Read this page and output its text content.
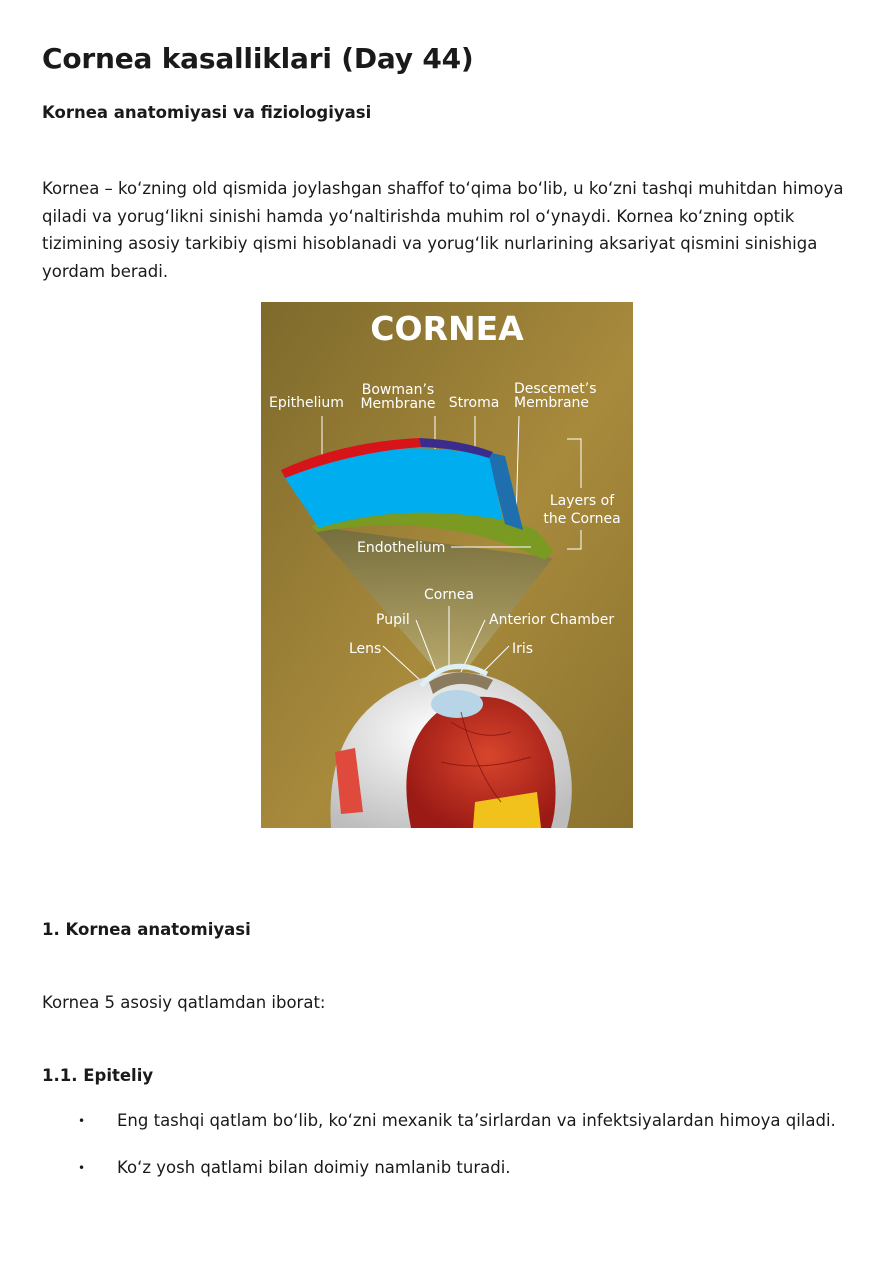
Cornea kasalliklari (Day 44)

Kornea anatomiyasi va fiziologiyasi

Kornea – ko‘zning old qismida joylashgan shaffof to‘qima bo‘lib, u ko‘zni tashqi muhitdan himoya qiladi va yorug‘likni sinishi hamda yo‘naltirishda muhim rol o‘ynaydi. Kornea ko‘zning optik tizimining asosiy tarkibiy qismi hisoblanadi va yorug‘lik nurlarining aksariyat qismini sinishiga yordam beradi.

CORNEA
Epithelium
Bowman’s
Membrane Stroma
Descemet’s
Membrane
Layers of
the Cornea
Endothelium
Cornea
Pupil	Anterior Chamber
Lens	Iris

1. Kornea anatomiyasi

Kornea 5 asosiy qatlamdan iborat:

1.1. Epiteliy

• Eng tashqi qatlam bo‘lib, ko‘zni mexanik ta’sirlardan va infektsiyalardan himoya qiladi.
• Ko‘z yosh qatlami bilan doimiy namlanib turadi.
